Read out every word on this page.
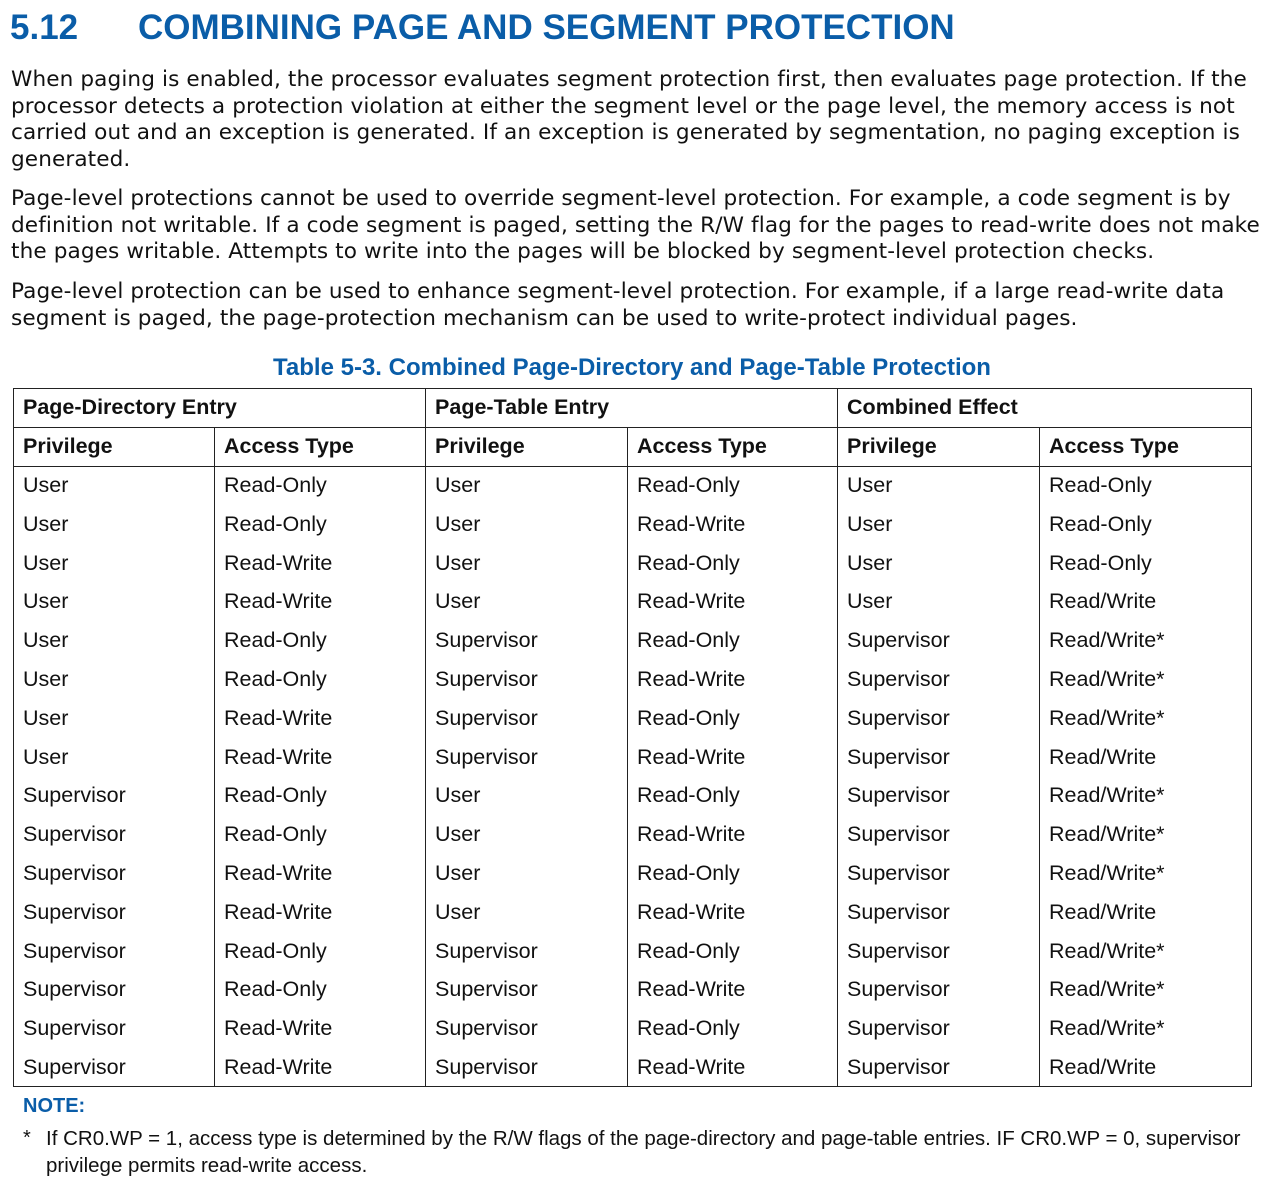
5.12	COMBINING PAGE AND SEGMENT PROTECTION

When paging is enabled, the processor evaluates segment protection first, then evaluates page protection. If the processor detects a protection violation at either the segment level or the page level, the memory access is not carried out and an exception is generated. If an exception is generated by segmentation, no paging exception is generated.

Page-level protections cannot be used to override segment-level protection. For example, a code segment is by definition not writable. If a code segment is paged, setting the R/W flag for the pages to read-write does not make the pages writable. Attempts to write into the pages will be blocked by segment-level protection checks.

Page-level protection can be used to enhance segment-level protection. For example, if a large read-write data segment is paged, the page-protection mechanism can be used to write-protect individual pages.

Table 5-3. Combined Page-Directory and Page-Table Protection
Page-Directory Entry		Page-Table Entry		Combined Effect	
Privilege	Access Type	Privilege	Access Type	Privilege	Access Type
User	Read-Only	User	Read-Only	User	Read-Only
User	Read-Only	User	Read-Write	User	Read-Only
User	Read-Write	User	Read-Only	User	Read-Only
User	Read-Write	User	Read-Write	User	Read/Write
User	Read-Only	Supervisor	Read-Only	Supervisor	Read/Write*
User	Read-Only	Supervisor	Read-Write	Supervisor	Read/Write*
User	Read-Write	Supervisor	Read-Only	Supervisor	Read/Write*
User	Read-Write	Supervisor	Read-Write	Supervisor	Read/Write
Supervisor	Read-Only	User	Read-Only	Supervisor	Read/Write*
Supervisor	Read-Only	User	Read-Write	Supervisor	Read/Write*
Supervisor	Read-Write	User	Read-Only	Supervisor	Read/Write*
Supervisor	Read-Write	User	Read-Write	Supervisor	Read/Write
Supervisor	Read-Only	Supervisor	Read-Only	Supervisor	Read/Write*
Supervisor	Read-Only	Supervisor	Read-Write	Supervisor	Read/Write*
Supervisor	Read-Write	Supervisor	Read-Only	Supervisor	Read/Write*
Supervisor	Read-Write	Supervisor	Read-Write	Supervisor	Read/Write
NOTE:
* If CR0.WP = 1, access type is determined by the R/W flags of the page-directory and page-table entries. IF CR0.WP = 0, supervisor privilege permits read-write access.
